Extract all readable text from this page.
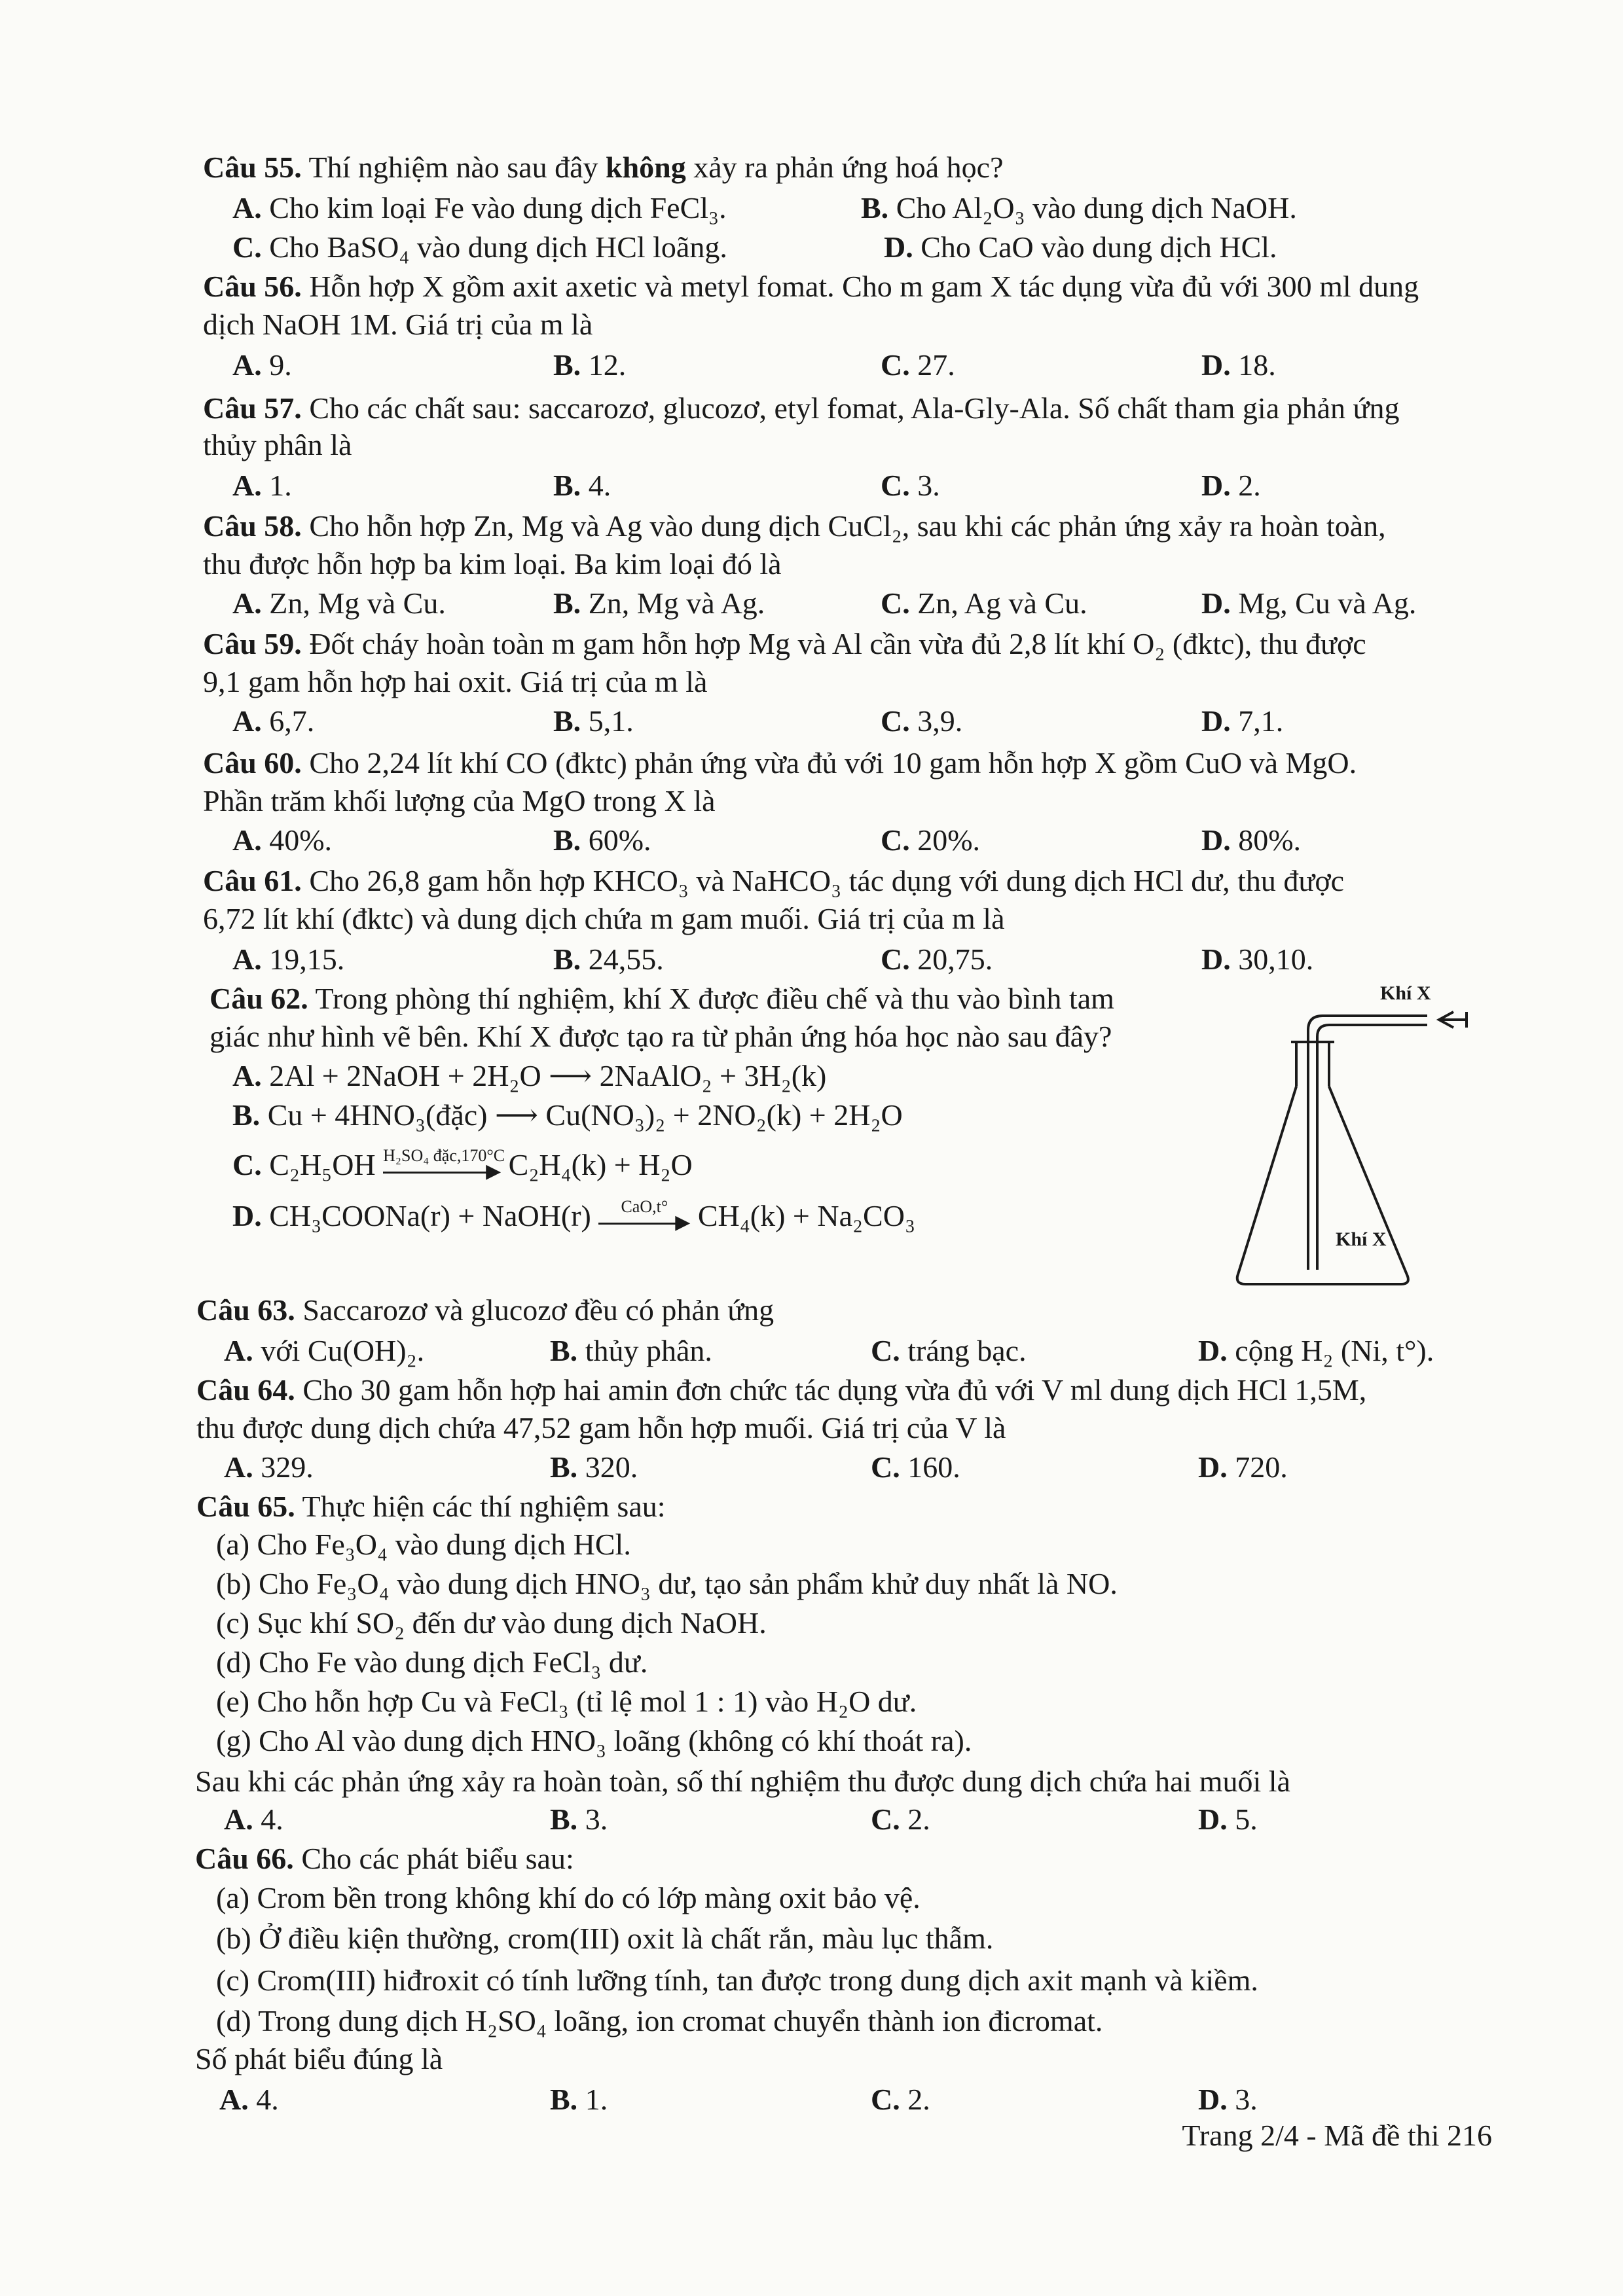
Câu 55. Thí nghiệm nào sau đây không xảy ra phản ứng hoá học?
A. Cho kim loại Fe vào dung dịch FeCl₃.	B. Cho Al₂O₃ vào dung dịch NaOH.
C. Cho BaSO₄ vào dung dịch HCl loãng.	D. Cho CaO vào dung dịch HCl.
Câu 56. Hỗn hợp X gồm axit axetic và metyl fomat. Cho m gam X tác dụng vừa đủ với 300 ml dung
dịch NaOH 1M. Giá trị của m là
A. 9.	B. 12.	C. 27.	D. 18.
Câu 57. Cho các chất sau: saccarozơ, glucozơ, etyl fomat, Ala-Gly-Ala. Số chất tham gia phản ứng
thủy phân là
A. 1.	B. 4.	C. 3.	D. 2.
Câu 58. Cho hỗn hợp Zn, Mg và Ag vào dung dịch CuCl₂, sau khi các phản ứng xảy ra hoàn toàn,
thu được hỗn hợp ba kim loại. Ba kim loại đó là
A. Zn, Mg và Cu.	B. Zn, Mg và Ag.	C. Zn, Ag và Cu.	D. Mg, Cu và Ag.
Câu 59. Đốt cháy hoàn toàn m gam hỗn hợp Mg và Al cần vừa đủ 2,8 lít khí O₂ (đktc), thu được
9,1 gam hỗn hợp hai oxit. Giá trị của m là
A. 6,7.	B. 5,1.	C. 3,9.	D. 7,1.
Câu 60. Cho 2,24 lít khí CO (đktc) phản ứng vừa đủ với 10 gam hỗn hợp X gồm CuO và MgO.
Phần trăm khối lượng của MgO trong X là
A. 40%.	B. 60%.	C. 20%.	D. 80%.
Câu 61. Cho 26,8 gam hỗn hợp KHCO₃ và NaHCO₃ tác dụng với dung dịch HCl dư, thu được
6,72 lít khí (đktc) và dung dịch chứa m gam muối. Giá trị của m là
A. 19,15.	B. 24,55.	C. 20,75.	D. 30,10.
Câu 62. Trong phòng thí nghiệm, khí X được điều chế và thu vào bình tam
giác như hình vẽ bên. Khí X được tạo ra từ phản ứng hóa học nào sau đây?
A. 2Al + 2NaOH + 2H₂O ⟶ 2NaAlO₂ + 3H₂(k)
B. Cu + 4HNO₃(đặc) ⟶ Cu(NO₃)₂ + 2NO₂(k) + 2H₂O
C. C₂H₅OH H₂SO₄ đặc,170°C
▶ C₂H₄(k) + H₂O
D. CH₃COONa(r) + NaOH(r)	CaO,t°
▶ CH₄(k) + Na₂CO₃
Khí X
Khí X
Câu 63. Saccarozơ và glucozơ đều có phản ứng
A. với Cu(OH)₂.	B. thủy phân.	C. tráng bạc.	D. cộng H₂ (Ni, t°).
Câu 64. Cho 30 gam hỗn hợp hai amin đơn chức tác dụng vừa đủ với V ml dung dịch HCl 1,5M,
thu được dung dịch chứa 47,52 gam hỗn hợp muối. Giá trị của V là
A. 329.	B. 320.	C. 160.	D. 720.
Câu 65. Thực hiện các thí nghiệm sau:
(a) Cho Fe₃O₄ vào dung dịch HCl.
(b) Cho Fe₃O₄ vào dung dịch HNO₃ dư, tạo sản phẩm khử duy nhất là NO.
(c) Sục khí SO₂ đến dư vào dung dịch NaOH.
(d) Cho Fe vào dung dịch FeCl₃ dư.
(e) Cho hỗn hợp Cu và FeCl₃ (tỉ lệ mol 1 : 1) vào H₂O dư.
(g) Cho Al vào dung dịch HNO₃ loãng (không có khí thoát ra).
Sau khi các phản ứng xảy ra hoàn toàn, số thí nghiệm thu được dung dịch chứa hai muối là
A. 4.	B. 3.	C. 2.	D. 5.
Câu 66. Cho các phát biểu sau:
(a) Crom bền trong không khí do có lớp màng oxit bảo vệ.
(b) Ở điều kiện thường, crom(III) oxit là chất rắn, màu lục thẫm.
(c) Crom(III) hiđroxit có tính lưỡng tính, tan được trong dung dịch axit mạnh và kiềm.
(d) Trong dung dịch H₂SO₄ loãng, ion cromat chuyển thành ion đicromat.
Số phát biểu đúng là
A. 4.	B. 1.	C. 2.	D. 3.
Trang 2/4 - Mã đề thi 216
